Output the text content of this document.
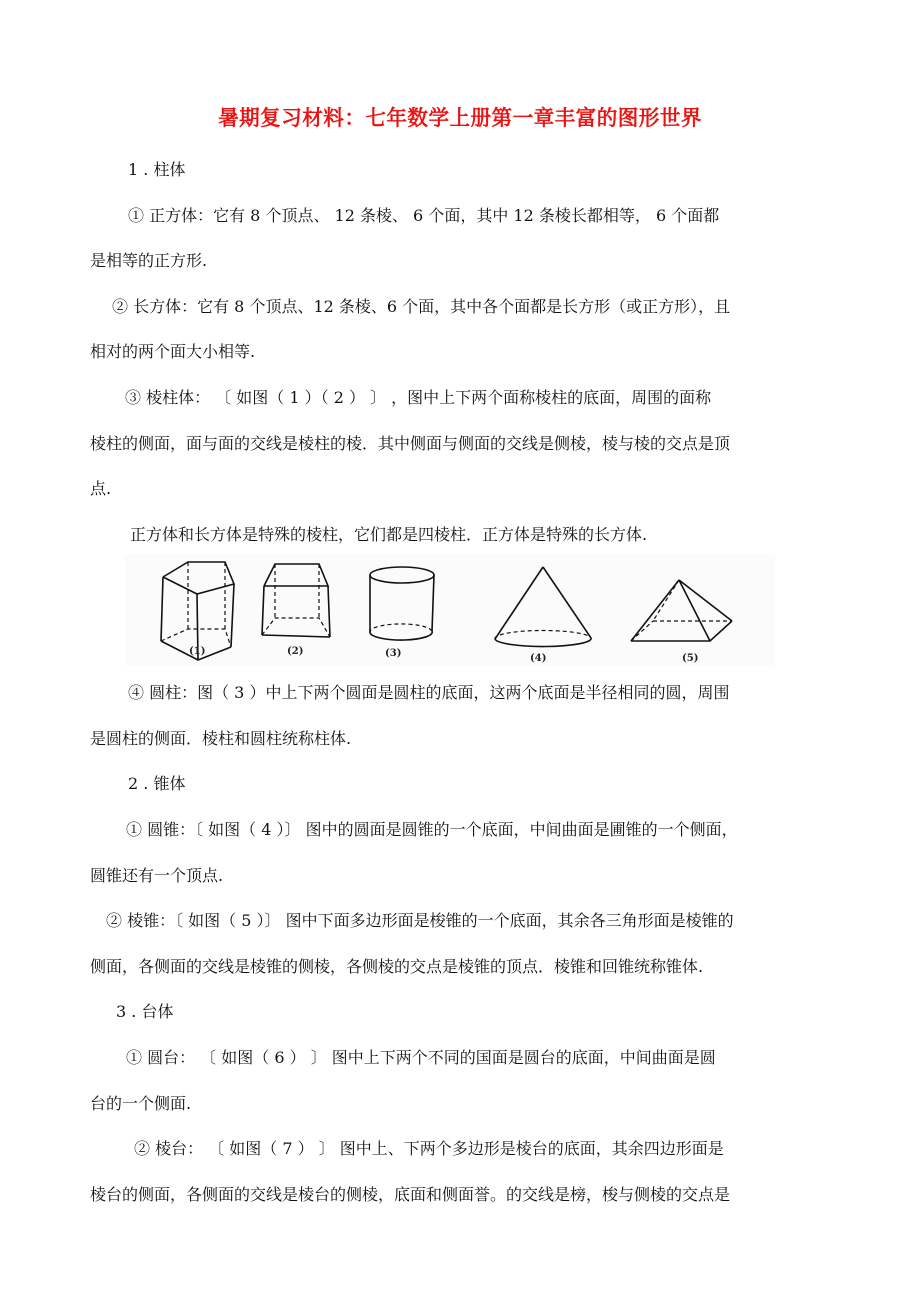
暑期复习材料：七年数学上册第一章丰富的图形世界
1 . 柱体
① 正方体：它有 8 个顶点、 12 条棱、 6 个面，其中 12 条棱长都相等， 6 个面都
是相等的正方形.
② 长方体：它有 8 个顶点、12 条棱、6 个面，其中各个面都是长方形（或正方形），且
相对的两个面大小相等.
③ 棱柱体： 〔 如图（ 1 ）（ 2 ） 〕 ，图中上下两个面称棱柱的底面，周围的面称
棱柱的侧面，面与面的交线是棱柱的棱．其中侧面与侧面的交线是侧棱，棱与棱的交点是顶
点.
正方体和长方体是特殊的棱柱，它们都是四棱柱．正方体是特殊的长方体.
(1)	(2)	(3)	(4)	(5)
④ 圆柱：图（ 3 ）中上下两个圆面是圆柱的底面，这两个底面是半径相同的圆，周围
是圆柱的侧面．棱柱和圆柱统称柱体.
2 . 锥体
① 圆锥：〔 如图（ 4 ）〕 图中的圆面是圆锥的一个底面，中间曲面是圃锥的一个侧面，
圆锥还有一个顶点.
② 棱锥：〔 如图（ 5 ）〕 图中下面多边形面是梭锥的一个底面，其余各三角形面是棱锥的
侧面，各侧面的交线是棱锥的侧棱，各侧棱的交点是棱锥的顶点．棱锥和回锥统称锥体.
3 . 台体
① 圆台： 〔 如图（ 6 ） 〕 图中上下两个不同的国面是圆台的底面，中间曲面是圆
台的一个侧面.
② 棱台： 〔 如图（ 7 ） 〕 图中上、下两个多边形是棱台的底面，其余四边形面是
棱台的侧面，各侧面的交线是棱台的侧棱，底面和侧面誉。的交线是榜，梭与侧棱的交点是
